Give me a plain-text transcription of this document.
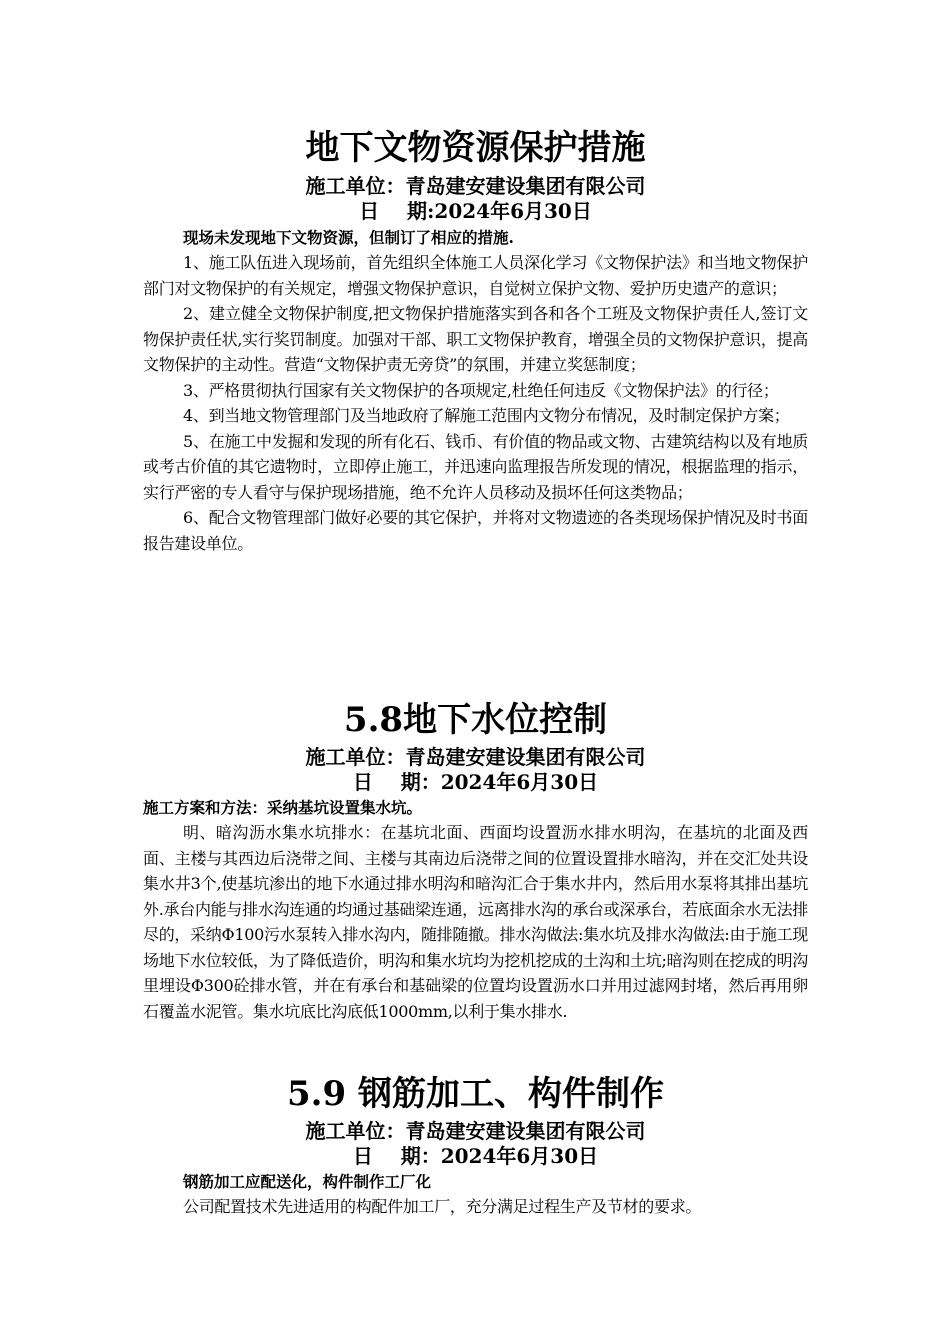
地下文物资源保护措施

施工单位：青岛建安建设集团有限公司

日    期:2024年6月30日

现场未发现地下文物资源，但制订了相应的措施.

1、施工队伍进入现场前，首先组织全体施工人员深化学习《文物保护法》和当地文物保护部门对文物保护的有关规定，增强文物保护意识，自觉树立保护文物、爱护历史遗产的意识；

2、建立健全文物保护制度,把文物保护措施落实到各和各个工班及文物保护责任人,签订文物保护责任状,实行奖罚制度。加强对干部、职工文物保护教育，增强全员的文物保护意识，提高文物保护的主动性。营造“文物保护责无旁贷”的氛围，并建立奖惩制度；

3、严格贯彻执行国家有关文物保护的各项规定,杜绝任何违反《文物保护法》的行径；

4、到当地文物管理部门及当地政府了解施工范围内文物分布情况，及时制定保护方案；

5、在施工中发掘和发现的所有化石、钱币、有价值的物品或文物、古建筑结构以及有地质或考古价值的其它遗物时，立即停止施工，并迅速向监理报告所发现的情况，根据监理的指示，实行严密的专人看守与保护现场措施，绝不允许人员移动及损坏任何这类物品；

6、配合文物管理部门做好必要的其它保护，并将对文物遗迹的各类现场保护情况及时书面报告建设单位。

5.8地下水位控制

施工单位：青岛建安建设集团有限公司

日    期：2024年6月30日

施工方案和方法：采纳基坑设置集水坑。

明、暗沟沥水集水坑排水：在基坑北面、西面均设置沥水排水明沟，在基坑的北面及西面、主楼与其西边后浇带之间、主楼与其南边后浇带之间的位置设置排水暗沟，并在交汇处共设集水井3个,使基坑渗出的地下水通过排水明沟和暗沟汇合于集水井内，然后用水泵将其排出基坑外.承台内能与排水沟连通的均通过基础梁连通，远离排水沟的承台或深承台，若底面余水无法排尽的，采纳Φ100污水泵转入排水沟内，随排随撤。排水沟做法:集水坑及排水沟做法:由于施工现场地下水位较低，为了降低造价，明沟和集水坑均为挖机挖成的土沟和土坑;暗沟则在挖成的明沟里埋设Φ300砼排水管，并在有承台和基础梁的位置均设置沥水口并用过滤网封堵，然后再用卵石覆盖水泥管。集水坑底比沟底低1000mm,以利于集水排水.

5.9 钢筋加工、构件制作

施工单位：青岛建安建设集团有限公司

日    期：2024年6月30日

钢筋加工应配送化，构件制作工厂化

公司配置技术先进适用的构配件加工厂，充分满足过程生产及节材的要求。
